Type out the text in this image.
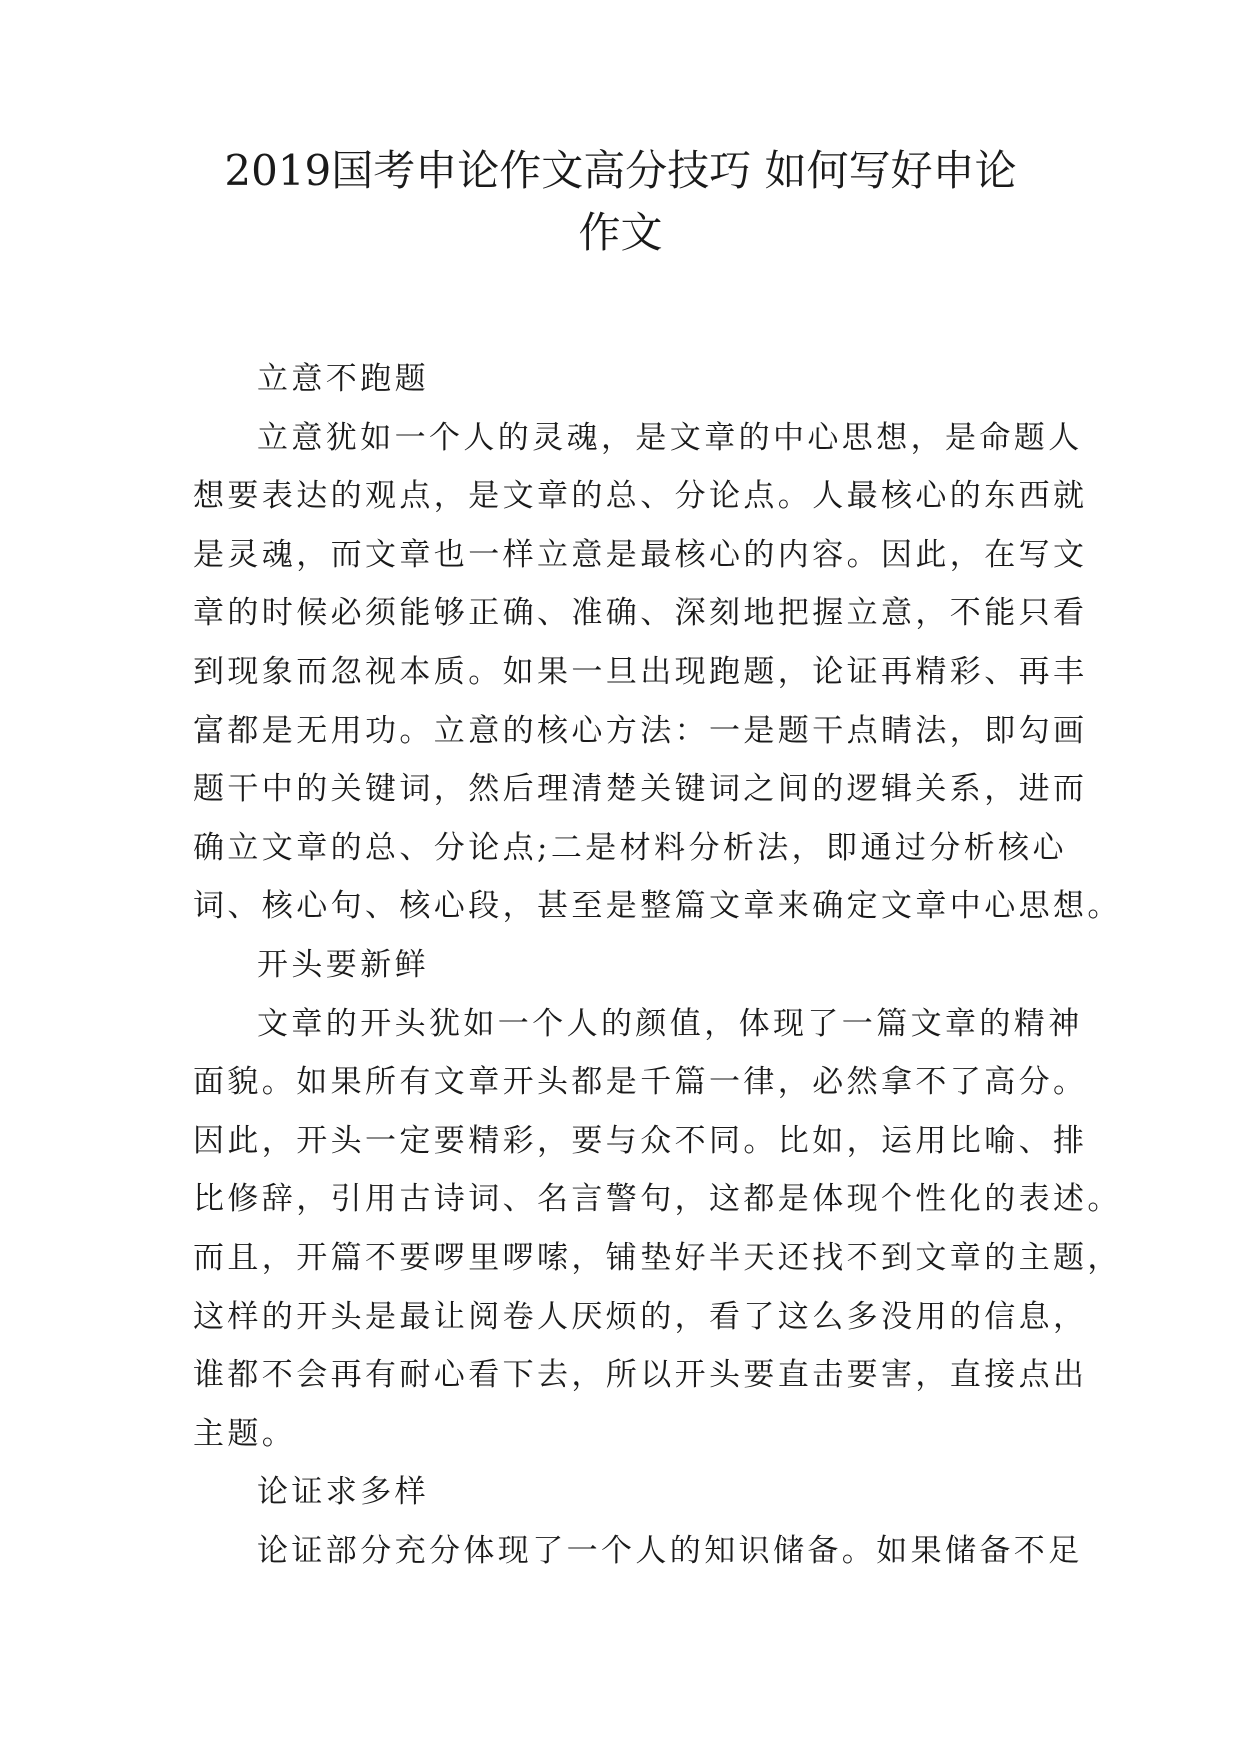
2019国考申论作文高分技巧 如何写好申论
作文
立意不跑题
立意犹如一个人的灵魂，是文章的中心思想，是命题人
想要表达的观点，是文章的总、分论点。人最核心的东西就
是灵魂，而文章也一样立意是最核心的内容。因此，在写文
章的时候必须能够正确、准确、深刻地把握立意，不能只看
到现象而忽视本质。如果一旦出现跑题，论证再精彩、再丰
富都是无用功。立意的核心方法：一是题干点睛法，即勾画
题干中的关键词，然后理清楚关键词之间的逻辑关系，进而
确立文章的总、分论点;二是材料分析法，即通过分析核心
词、核心句、核心段，甚至是整篇文章来确定文章中心思想。
开头要新鲜
文章的开头犹如一个人的颜值，体现了一篇文章的精神
面貌。如果所有文章开头都是千篇一律，必然拿不了高分。
因此，开头一定要精彩，要与众不同。比如，运用比喻、排
比修辞，引用古诗词、名言警句，这都是体现个性化的表述。
而且，开篇不要啰里啰嗦，铺垫好半天还找不到文章的主题，
这样的开头是最让阅卷人厌烦的，看了这么多没用的信息，
谁都不会再有耐心看下去，所以开头要直击要害，直接点出
主题。
论证求多样
论证部分充分体现了一个人的知识储备。如果储备不足
